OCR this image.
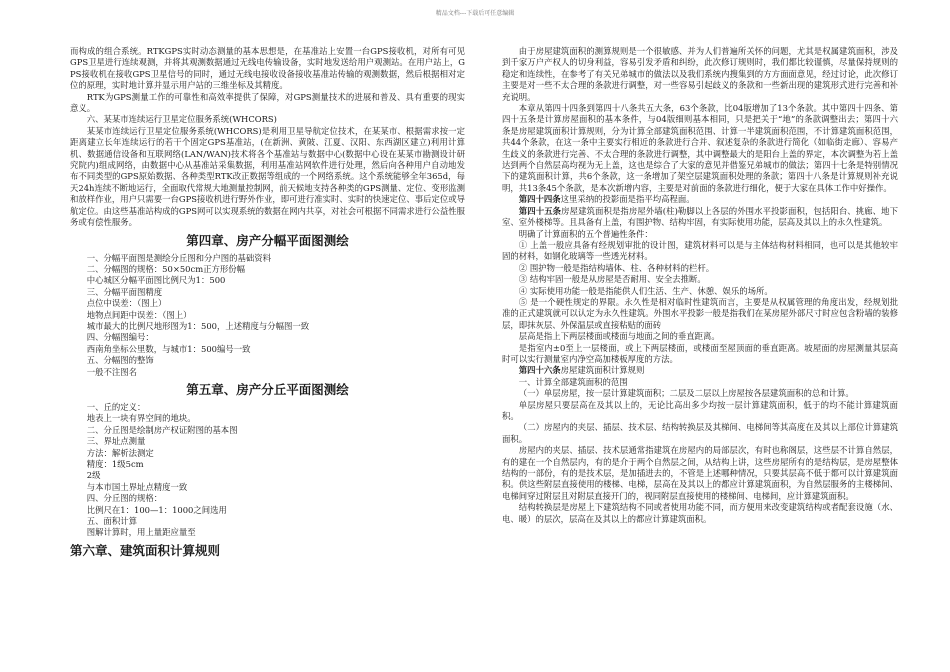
精品文档---下载后可任意编辑

而构成的组合系统。RTKGPS实时动态测量的基本思想是，在基准站上安置一台GPS接收机，对所有可见GPS卫星进行连续观测，并将其观测数据通过无线电传输设备，实时地发送给用户观测站。在用户站上，GPS接收机在接收GPS卫星信号的同时，通过无线电接收设备接收基准站传输的观测数据，然后根据相对定位的原理，实时地计算并显示用户站的三维坐标及其精度。

RTK为GPS测量工作的可靠性和高效率提供了保障，对GPS测量技术的进展和普及、具有重要的现实意义。

六、某某市连续运行卫星定位服务系统(WHCORS)

某某市连续运行卫星定位服务系统(WHCORS)是利用卫星导航定位技术，在某某市、根据需求按一定距离建立长年连续运行的若干个固定GPS基准站，(在新洲、黄陂、江夏、汉阳、东西湖区建立)利用计算机、数据通信设备和互联网络(LAN/WAN)技术将各个基准站与数据中心(数据中心设在某某市勘测设计研究院内)组成网络，由数据中心从基准站采集数据，利用基准站网软件进行处理，然后向各种用户自动地发布不同类型的GPS原始数据、各种类型RTK改正数据等组成的一个网络系统。这个系统能够全年365d，每天24h连续不断地运行，全面取代常规大地测量控制网，前天候地支持各种类的GPS测量、定位、变形监测和放样作业，用户只需要一台GPS接收机进行野外作业，即可进行准实时、实时的快速定位、事后定位或导航定位。由这些基准站构成的GPS网可以实现系统的数据在网内共享，对社会可根据不同需求进行公益性服务或有偿性服务。

第四章、房产分幅平面图测绘

一、分幅平面图是测绘分丘图和分户图的基础资料

二、分幅图的规格：50×50cm正方形份幅

中心城区分幅平面图比例尺为1：500

三、分幅平面图精度

点位中误差：（图上）

地物点间距中误差：（图上）

城市最大的比例尺地形图为1：500，上述精度与分幅图一致

四、分幅图编号：

西南角坐标公里数，与城市1：500编号一致

五、分幅图的整饰

一般不注图名

第五章、房产分丘平面图测绘

一、丘的定义：

地表上一块有界空间的地块。

二、分丘图是绘制房产权证附图的基本图

三、界址点测量

方法：解析法测定

精度：1级5cm

2级

与本市国土界址点精度一致

四、分丘图的规格：

比例尺在1：100—1：1000之间选用

五、面积计算

图解计算时，用上量距应量至

第六章、建筑面积计算规则

由于房屋建筑面积的测算规则是一个很敏感、并为人们普遍所关怀的问题，尤其是权属建筑面积，涉及到千家万户产权人的切身利益，容易引发矛盾和纠纷，此次修订规则时，我们都比较谨慎，尽量保持规则的稳定和连续性，在参考了有关兄弟城市的做法以及我们系统内搜集到的方方面面意见，经过讨论，此次修订主要是对一些不太合理的条款进行调整，对一些容易引起歧义的条款和一些新出现的建筑形式进行完善和补充说明。

本章从第四十四条到第四十八条共五大条，63个条款，比04版增加了13个条款。其中第四十四条、第四十五条是计算房屋面积的基本条件，与04版细则基本相同，只是把关于“地”的条款调整出去；第四十六条是房屋建筑面积计算规则，分为计算全部建筑面积范围、计算一半建筑面积范围，不计算建筑面积范围，共44个条款，在这一条中主要实行相近的条款进行合并、叙述复杂的条款进行简化（如临街走廊）、容易产生歧义的条款进行完善、不太合理的条款进行调整，其中调整最大的是阳台上盖的界定，本次调整为若上盖达到两个自然层高均视为无上盖，这也是综合了大家的意见并借鉴兄弟城市的做法；第四十七条是特别情况下的建筑面积计算，共6个条款，这一条增加了架空层建筑面积处理的条款；第四十八条是计算规则补充说明，共13条45个条款，是本次新增内容，主要是对前面的条款进行细化，便于大家在具体工作中好操作。

第四十四条这里采纳的投影面是指平均高程面。

第四十五条房屋建筑面积是指房屋外墙(柱)勒脚以上各层的外围水平投影面积，包括阳台、挑廊、地下室、室外楼梯等。且具备有上盖，有围护物、结构牢固，有实际使用功能，层高及其以上的永久性建筑。

明确了计算面积的五个普遍性条件：

① 上盖一般应具备有经规划审批的设计图，建筑材料可以是与主体结构材料相同，也可以是其他较牢固的材料，如钢化玻璃等一些透光材料。

② 围护物一般是指结构墙体、柱、各种材料的栏杆。

③ 结构牢固一般是从房屋是否耐用、安全去推断。

④ 实际使用功能一般是指能供人们生活、生产、休憩、娱乐的场所。

⑤ 是一个硬性规定的界限。永久性是相对临时性建筑而言，主要是从权属管理的角度出发，经规划批准的正式建筑就可以认定为永久性建筑。外围水平投影一般是指我们在某房屋外部尺寸时应包含粉墙的装修层，即抹灰层、外保温层或直接粘贴的面砖

层高是指上下两层楼面或楼面与地面之间的垂直距离。

是指室内±0至上一层楼面，或上下两层楼面，或楼面至屋顶面的垂直距离。坡屋面的房屋测量其层高时可以实行测量室内净空高加楼板厚度的方法。

第四十六条房屋建筑面积计算规则

一、计算全部建筑面积的范围

（一）单层房屋，按一层计算建筑面积；二层及二层以上房屋按各层建筑面积的总和计算。

单层房屋只要层高在及其以上的，无论比高出多少均按一层计算建筑面积，低于的均不能计算建筑面积。

（二）房屋内的夹层、插层、技术层、结构转换层及其梯间、电梯间等其高度在及其以上部位计算建筑面积。

房屋内的夹层、插层、技术层通常指建筑在房屋内的局部层次，有时也称阁层，这些层不计算自然层，有的建在一个自然层内，有的是介于两个自然层之间，从结构上讲，这些房屋所有的是结构层，是房屋整体结构的一部份，有的是技术层，是加插进去的，不管是上述哪种情况，只要其层高不低于都可以计算建筑面积。供这些附层直接使用的楼梯、电梯，层高在及其以上的都应计算建筑面积，为自然层服务的主楼梯间、电梯间穿过附层且对附层直接开门的，视同附层直接使用的楼梯间、电梯间，应计算建筑面积。

结构转换层是房屋上下建筑结构不同或者使用功能不同，而方便用来改变建筑结构或者配套设施（水、电、暖）的层次，层高在及其以上的都应计算建筑面积。
